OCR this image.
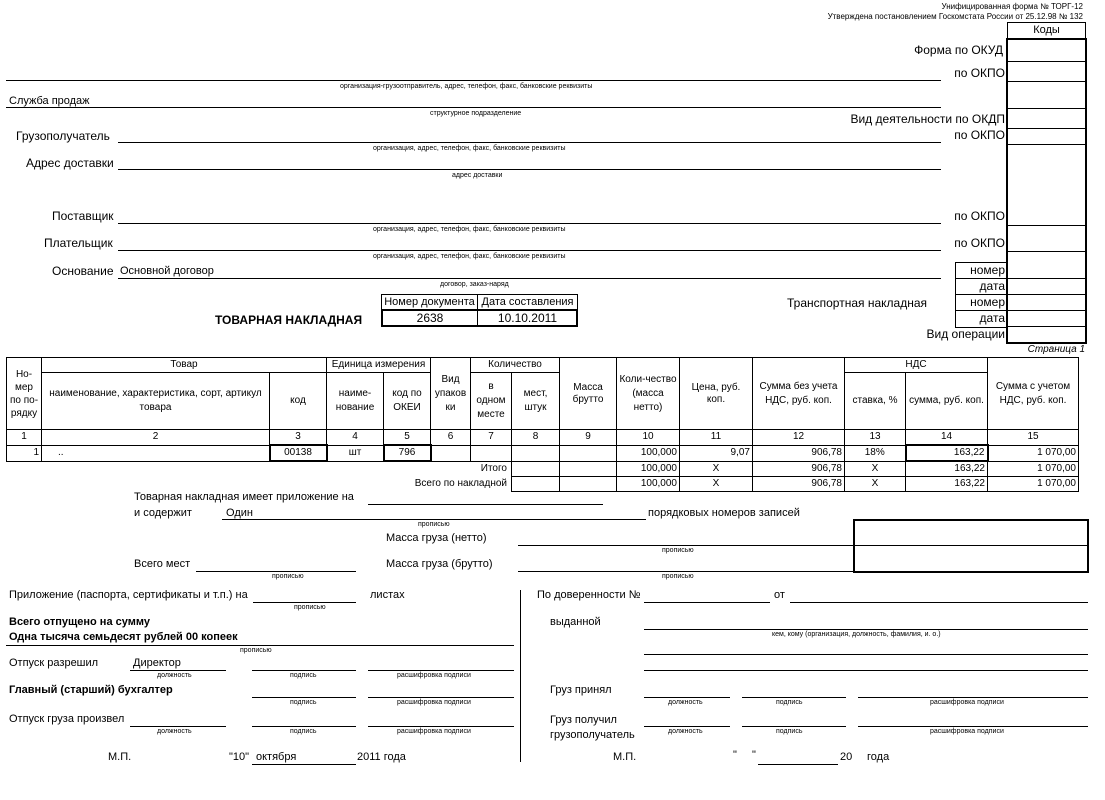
Унифицированная форма № ТОРГ-12
Утверждена постановлением Госкомстата России от 25.12.98 № 132
Коды
Форма по ОКУД
по ОКПО
Вид деятельности по ОКДП
по ОКПО
по ОКПО
по ОКПО
номер
дата
номер
дата
Вид операции
организация-грузоотправитель, адрес, телефон, факс, банковские реквизиты
Служба продаж
структурное подразделение
Грузополучатель
организация, адрес, телефон, факс, банковские реквизиты
Адрес доставки
адрес доставки
Поставщик
организация, адрес, телефон, факс, банковские реквизиты
Плательщик
организация, адрес, телефон, факс, банковские реквизиты
Основание Основной договор
договор, заказ-наряд
Транспортная накладная
ТОВАРНАЯ НАКЛАДНАЯ
Номер документа Дата составления
2638	10.10.2011
Страница 1
Но-мер по по-рядку	Товар		Единица измерения		Вид упаков ки	Количество		Масса брутто	Коли-чество (масса нетто)	Цена, руб. коп.	Сумма без учета НДС, руб. коп.	НДС		Сумма с учетом НДС, руб. коп.
	наименование, характеристика, сорт, артикул товара	код	наиме-нование	код по ОКЕИ		в одном месте	мест, штук					ставка, %	сумма, руб. коп.	
1	2	3	4	5	6	7	8	9	10	11	12	13	14	15
1	..	00138	шт	796					100,000	9,07	906,78	18%	163,22	1 070,00
Итого									100,000	X	906,78	X	163,22	1 070,00
Всего по накладной									100,000	X	906,78	X	163,22	1 070,00
Товарная накладная имеет приложение на
и содержит	Один	порядковых номеров записей
прописью
Масса груза (нетто)
прописью
Масса груза (брутто)
прописью
Всего мест
прописью
Приложение (паспорта, сертификаты и т.п.) на	листах
прописью
Всего отпущено на сумму
Одна тысяча семьдесят рублей 00 копеек
прописью
Отпуск разрешил	Директор
должность	подпись	расшифровка подписи
Главный (старший) бухгалтер
подпись	расшифровка подписи
Отпуск груза произвел
должность	подпись	расшифровка подписи
М.П.	"10" октября	2011 года
По доверенности №	от
выданной
кем, кому (организация, должность, фамилия, и. о.)
Груз принял
должность	подпись	расшифровка подписи
Груз получил
грузополучатель	должность	подпись	расшифровка подписи
М.П.	" "	20 года
